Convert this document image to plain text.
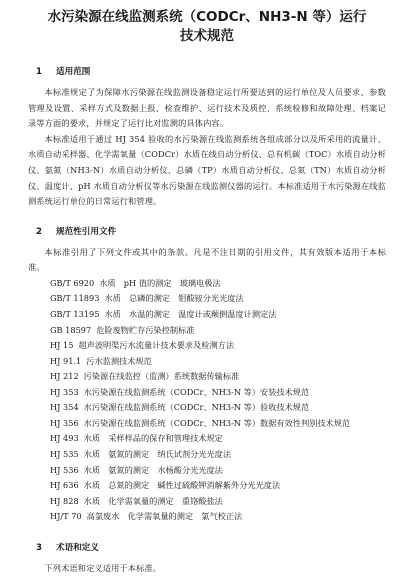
水污染源在线监测系统（CODCr、NH3-N 等）运行
技术规范
1 适用范围

本标准规定了为保障水污染源在线监测设备稳定运行所要达到的运行单位及人员要求、参数管理及设置、采样方式及数据上报、检查维护、运行技术及质控、系统检修和故障处理、档案记录等方面的要求，并规定了运行比对监测的具体内容。

本标准适用于通过 HJ 354 验收的水污染源在线监测系统各组成部分以及所采用的流量计、水质自动采样器、化学需氧量（CODCr）水质在线自动分析仪、总有机碳（TOC）水质自动分析仪、氨氮（NH3-N）水质自动分析仪、总磷（TP）水质自动分析仪、总氮（TN）水质自动分析仪、温度计、pH 水质自动分析仪等水污染源在线监测仪器的运行。本标准适用于水污染源在线监测系统运行单位的日常运行和管理。

2 规范性引用文件

本标准引用了下列文件或其中的条款。凡是不注日期的引用文件，其有效版本适用于本标准。

GB/T 6920 水质　pH 值的测定　玻璃电极法
GB/T 11893 水质　总磷的测定　钼酸铵分光光度法
GB/T 13195 水质　水温的测定　温度计或颠倒温度计测定法
GB 18597 危险废物贮存污染控制标准
HJ 15 超声波明渠污水流量计技术要求及检测方法
HJ 91.1 污水监测技术规范
HJ 212 污染源在线监控（监测）系统数据传输标准
HJ 353 水污染源在线监测系统（CODCr、NH3-N 等）安装技术规范
HJ 354 水污染源在线监测系统（CODCr、NH3-N 等）验收技术规范
HJ 356 水污染源在线监测系统（CODCr、NH3-N 等）数据有效性判别技术规范
HJ 493 水质　采样样品的保存和管理技术规定
HJ 535 水质　氨氮的测定　纳氏试剂分光光度法
HJ 536 水质　氨氮的测定　水杨酸分光光度法
HJ 636 水质　总氮的测定　碱性过硫酸钾消解紫外分光光度法
HJ 828 水质　化学需氧量的测定　重铬酸盐法
HJ/T 70 高氯废水　化学需氧量的测定　氯气校正法
3 术语和定义

下列术语和定义适用于本标准。
